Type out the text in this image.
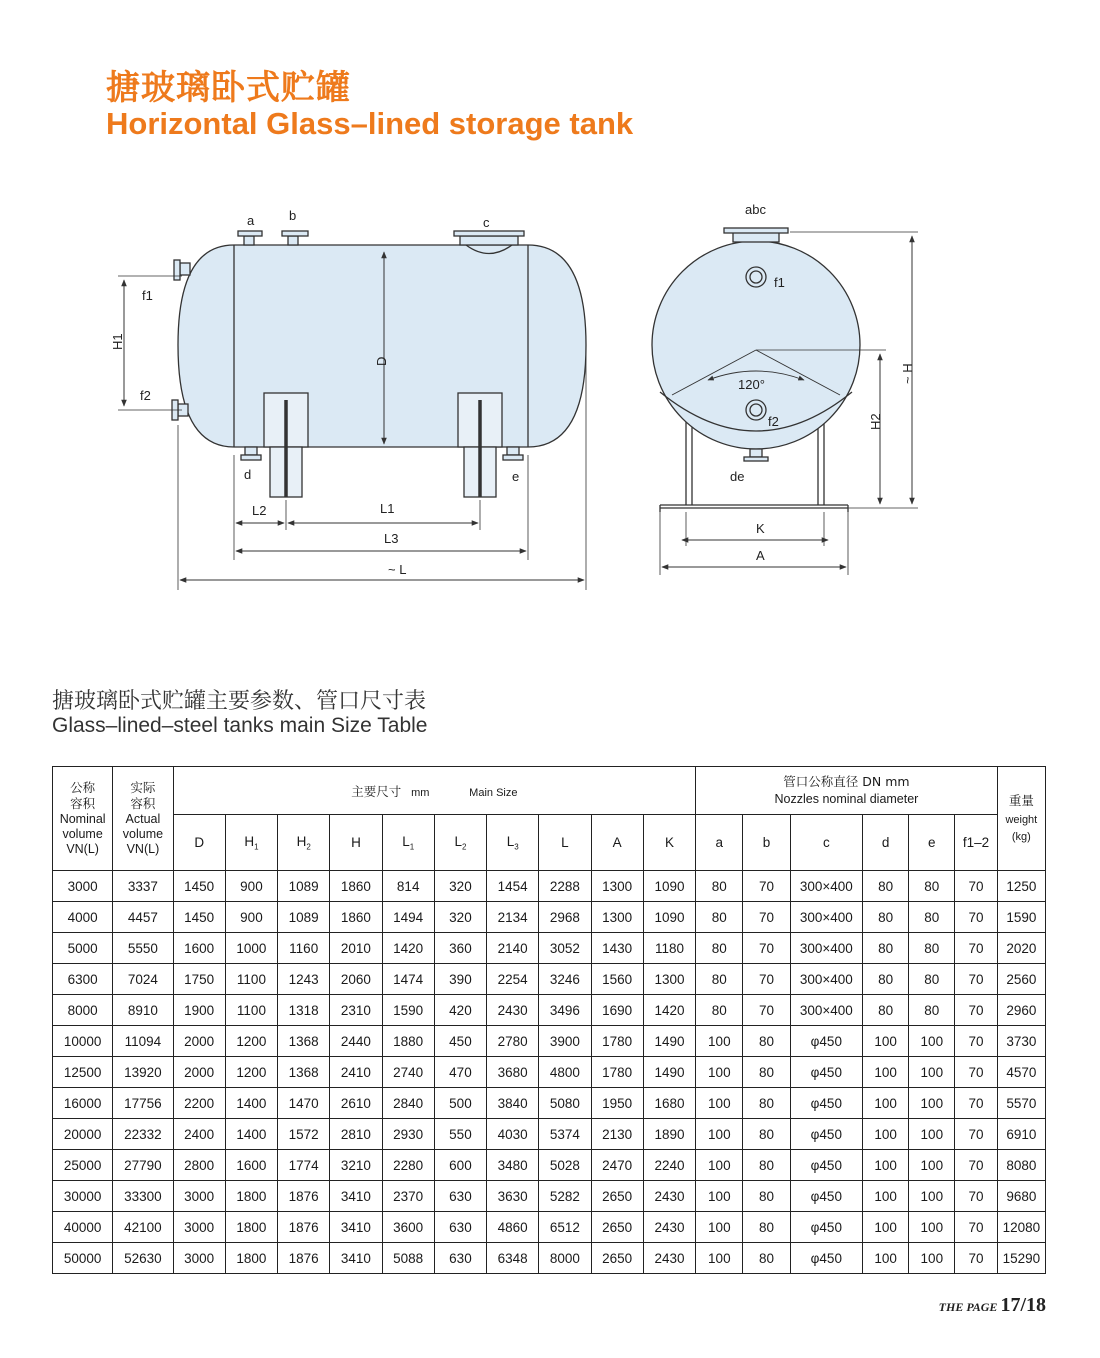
搪玻璃卧式贮罐
Horizontal Glass–lined storage tank
a	b	c
f1
f2
H1
D
d	e
L2	L1
L3
~ L
abc
f1
120°
f2
de
K
A
H2
~ H
搪玻璃卧式贮罐主要参数、管口尺寸表
Glass–lined–steel tanks main Size Table
公称
容积
Nominal
volume
VN(L)	实际
容积
Actual
volume
VN(L)	主要尺寸 mm Main Size										管口公称直径 DN mm
Nozzles nominal diameter						重量
weight
(kg)
		D	$H_1$	$H_2$	H	$L_1$	$L_2$	$L_3$	L	A	K	a	b	c	d	e	f1–2	
3000	3337	1450	900	1089	1860	814	320	1454	2288	1300	1090	80	70	300×400	80	80	70	1250
4000	4457	1450	900	1089	1860	1494	320	2134	2968	1300	1090	80	70	300×400	80	80	70	1590
5000	5550	1600	1000	1160	2010	1420	360	2140	3052	1430	1180	80	70	300×400	80	80	70	2020
6300	7024	1750	1100	1243	2060	1474	390	2254	3246	1560	1300	80	70	300×400	80	80	70	2560
8000	8910	1900	1100	1318	2310	1590	420	2430	3496	1690	1420	80	70	300×400	80	80	70	2960
10000	11094	2000	1200	1368	2440	1880	450	2780	3900	1780	1490	100	80	φ450	100	100	70	3730
12500	13920	2000	1200	1368	2410	2740	470	3680	4800	1780	1490	100	80	φ450	100	100	70	4570
16000	17756	2200	1400	1470	2610	2840	500	3840	5080	1950	1680	100	80	φ450	100	100	70	5570
20000	22332	2400	1400	1572	2810	2930	550	4030	5374	2130	1890	100	80	φ450	100	100	70	6910
25000	27790	2800	1600	1774	3210	2280	600	3480	5028	2470	2240	100	80	φ450	100	100	70	8080
30000	33300	3000	1800	1876	3410	2370	630	3630	5282	2650	2430	100	80	φ450	100	100	70	9680
40000	42100	3000	1800	1876	3410	3600	630	4860	6512	2650	2430	100	80	φ450	100	100	70	12080
50000	52630	3000	1800	1876	3410	5088	630	6348	8000	2650	2430	100	80	φ450	100	100	70	15290
THE PAGE 17/18
